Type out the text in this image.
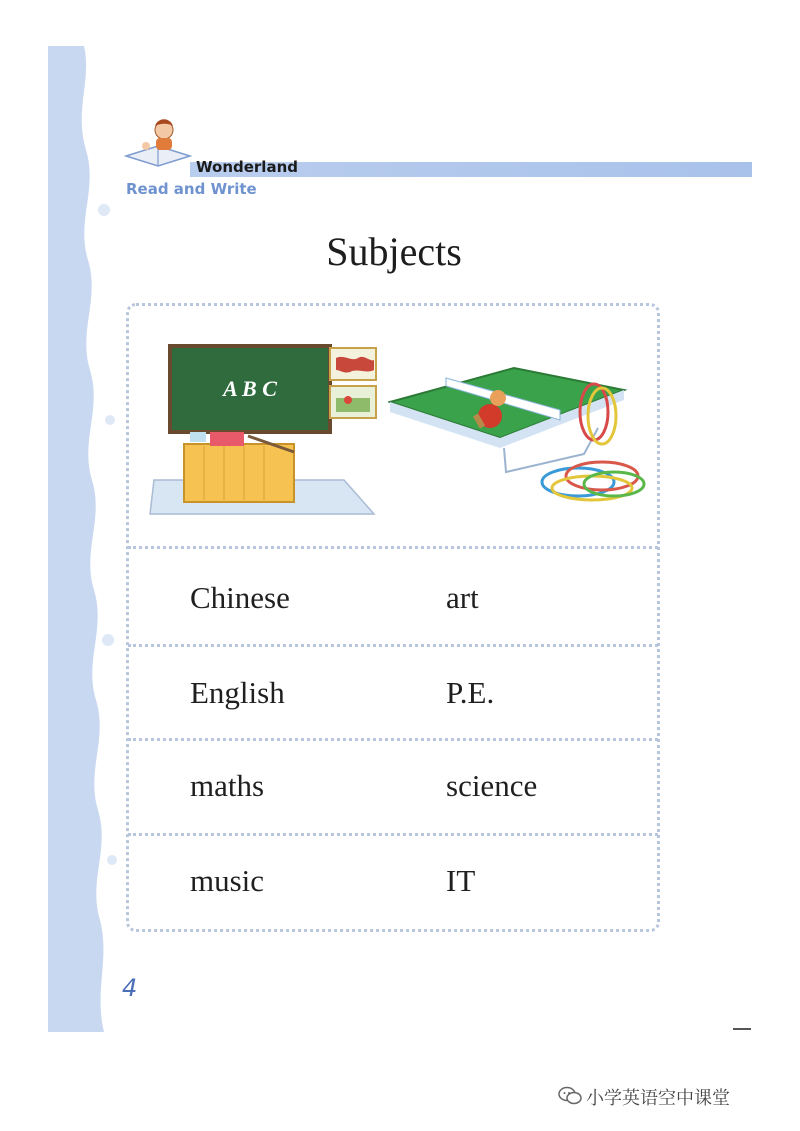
Wonderland
Read and Write
Subjects
A B C
Chinese	art
English	P.E.
maths	science
music	IT
4
小学英语空中课堂
